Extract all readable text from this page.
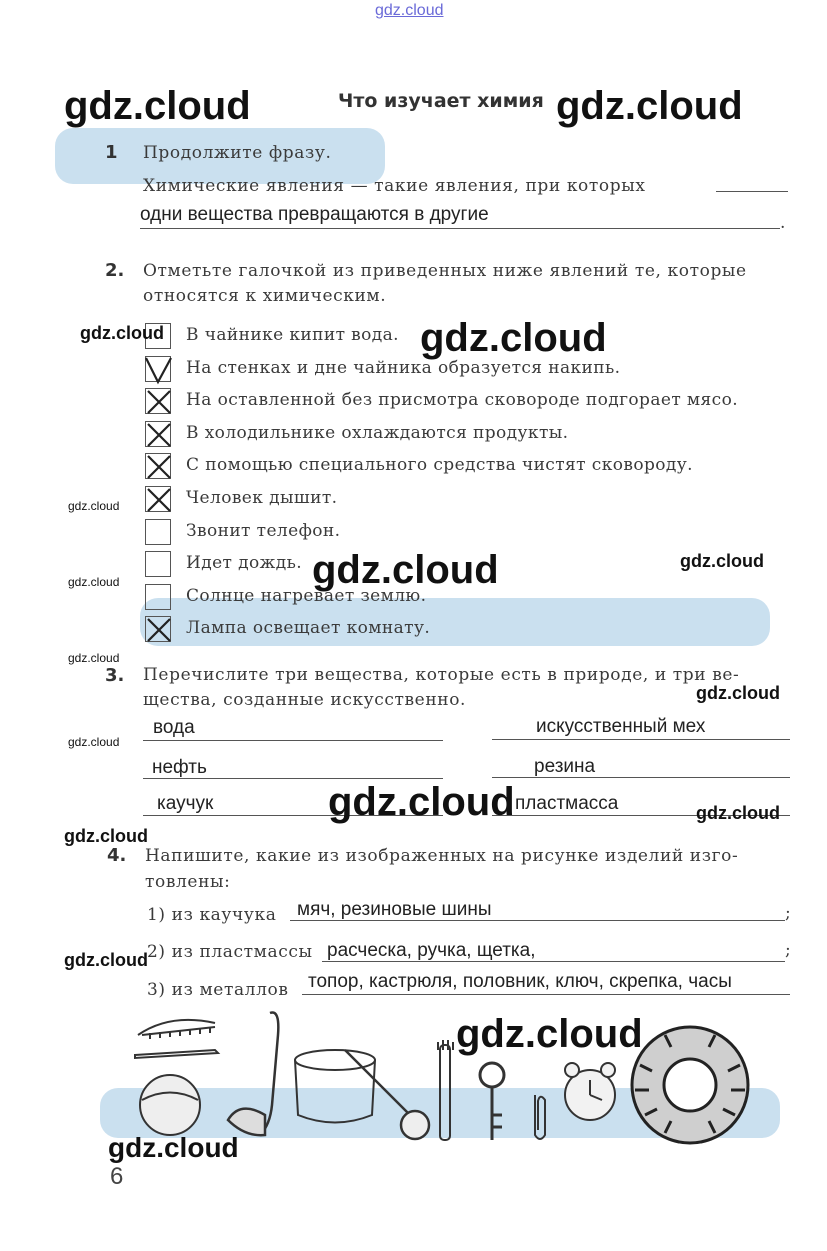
gdz.cloud
Что изучает химия
1 Продолжите фразу.
Химические явления — такие явления, при которых
одни вещества превращаются в другие	.
2. Отметьте галочкой из приведенных ниже явлений те, которые
относятся к химическим.
В чайнике кипит вода.
На стенках и дне чайника образуется накипь.
На оставленной без присмотра сковороде подгорает мясо.
В холодильнике охлаждаются продукты.
С помощью специального средства чистят сковороду.
Человек дышит.
Звонит телефон.
Идет дождь.
Солнце нагревает землю.
Лампа освещает комнату.
3. Перечислите три вещества, которые есть в природе, и три ве-
щества, созданные искусственно.
вода	искусственный мех
нефть	резина
каучук	пластмасса
4. Напишите, какие из изображенных на рисунке изделий изго-
товлены:
1) из каучука мяч, резиновые шины	;
2) из пластмассы расческа, ручка, щетка,	;
3) из металлов топор, кастрюля, половник, ключ, скрепка, часы

gdz.cloud	gdz.cloud
gdz.cloud	gdz.cloud
gdz.cloud
gdz.cloud	gdz.cloud
gdz.cloud
gdz.cloud
gdz.cloud
gdz.cloud
gdz.cloud	gdz.cloud
gdz.cloud
gdz.cloud
gdz.cloud
gdz.cloud
6
